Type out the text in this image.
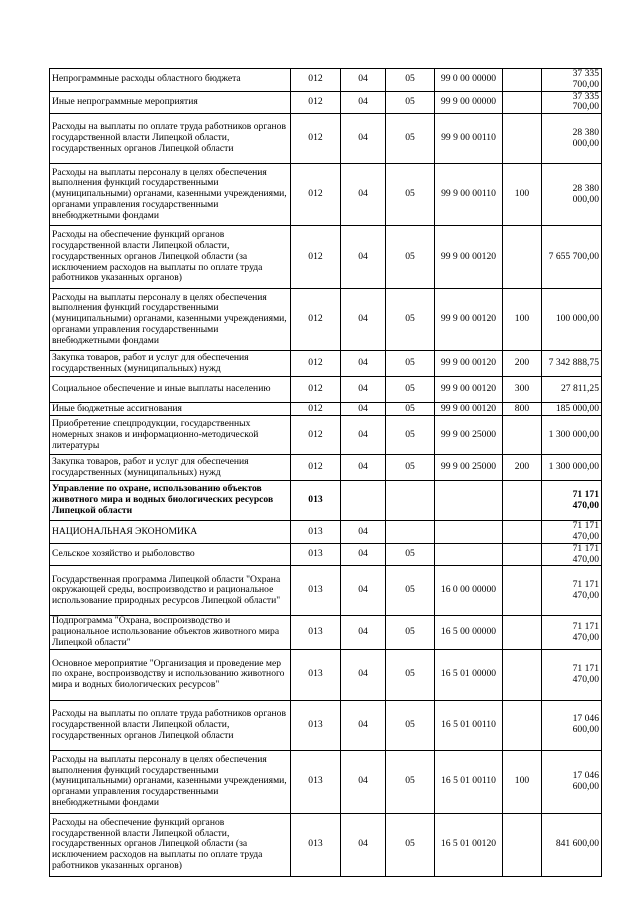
Непрограммные расходы областного бюджета	012	04	05	99 0 00 00000		37 335 700,00
Иные непрограммные мероприятия	012	04	05	99 9 00 00000		37 335 700,00
Расходы на выплаты по оплате труда работников органов государственной власти Липецкой области, государственных органов Липецкой области	012	04	05	99 9 00 00110		28 380 000,00
Расходы на выплаты персоналу в целях обеспечения выполнения функций государственными (муниципальными) органами, казенными учреждениями, органами управления государственными внебюджетными фондами	012	04	05	99 9 00 00110	100	28 380 000,00
Расходы на обеспечение функций органов государственной власти Липецкой области, государственных органов Липецкой области (за исключением расходов на выплаты по оплате труда работников указанных органов)	012	04	05	99 9 00 00120		7 655 700,00
Расходы на выплаты персоналу в целях обеспечения выполнения функций государственными (муниципальными) органами, казенными учреждениями, органами управления государственными внебюджетными фондами	012	04	05	99 9 00 00120	100	100 000,00
Закупка товаров, работ и услуг для обеспечения государственных (муниципальных) нужд	012	04	05	99 9 00 00120	200	7 342 888,75
Социальное обеспечение и иные выплаты населению	012	04	05	99 9 00 00120	300	27 811,25
Иные бюджетные ассигнования	012	04	05	99 9 00 00120	800	185 000,00
Приобретение спецпродукции, государственных номерных знаков и информационно-методической литературы	012	04	05	99 9 00 25000		1 300 000,00
Закупка товаров, работ и услуг для обеспечения государственных (муниципальных) нужд	012	04	05	99 9 00 25000	200	1 300 000,00
Управление по охране, использованию объектов животного мира и водных биологических ресурсов Липецкой области	013					71 171 470,00
НАЦИОНАЛЬНАЯ ЭКОНОМИКА	013	04				71 171 470,00
Сельское хозяйство и рыболовство	013	04	05			71 171 470,00
Государственная программа Липецкой области "Охрана окружающей среды, воспроизводство и рациональное использование природных ресурсов Липецкой области"	013	04	05	16 0 00 00000		71 171 470,00
Подпрограмма "Охрана, воспроизводство и рациональное использование объектов животного мира Липецкой области"	013	04	05	16 5 00 00000		71 171 470,00
Основное мероприятие "Организация и проведение мер по охране, воспроизводству и использованию животного мира и водных биологических ресурсов"	013	04	05	16 5 01 00000		71 171 470,00
Расходы на выплаты по оплате труда работников органов государственной власти Липецкой области, государственных органов Липецкой области	013	04	05	16 5 01 00110		17 046 600,00
Расходы на выплаты персоналу в целях обеспечения выполнения функций государственными (муниципальными) органами, казенными учреждениями, органами управления государственными внебюджетными фондами	013	04	05	16 5 01 00110	100	17 046 600,00
Расходы на обеспечение функций органов государственной власти Липецкой области, государственных органов Липецкой области (за исключением расходов на выплаты по оплате труда работников указанных органов)	013	04	05	16 5 01 00120		841 600,00
